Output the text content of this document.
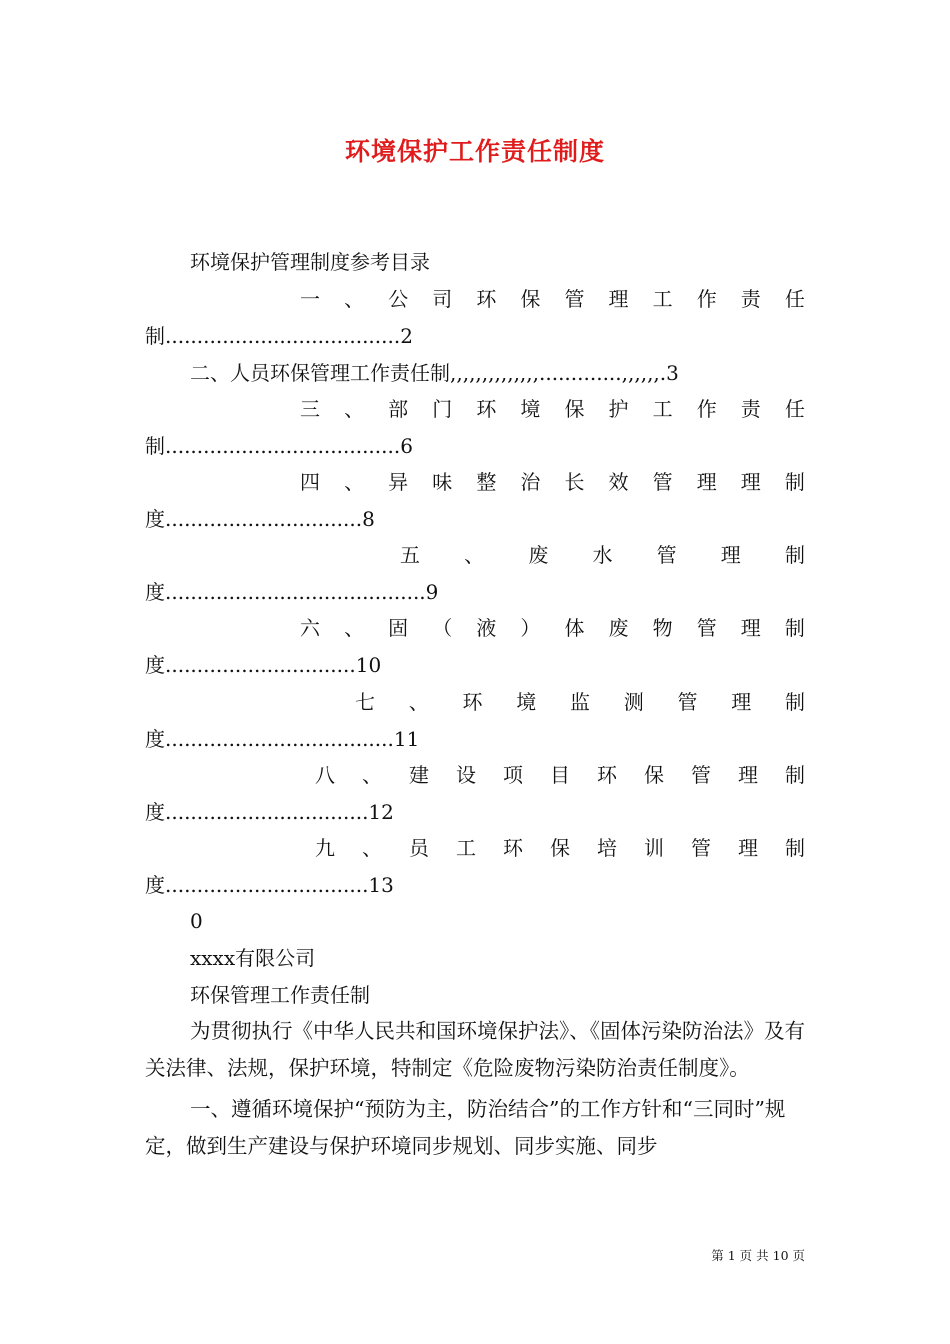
环境保护工作责任制度
环境保护管理制度参考目录
一 、 公 司 环 保 管 理 工 作 责 任
制.....................................2
二、人员环保管理工作责任制,,,,,,,,,,,,,,.............,,,,,,.3
三 、 部 门 环 境 保 护 工 作 责 任
制.....................................6
四 、 异 味 整 治 长 效 管 理 理 制
度...............................8
五 、 废 水 管 理 制
度.........................................9
六 、 固 （ 液 ） 体 废 物 管 理 制
度..............................10
七 、 环 境 监 测 管 理 制
度....................................11
八 、 建 设 项 目 环 保 管 理 制
度................................12
九 、 员 工 环 保 培 训 管 理 制
度................................13
0
xxxx有限公司
环保管理工作责任制

为贯彻执行《中华人民共和国环境保护法》、《固体污染防治法》及有关法律、法规，保护环境，特制定《危险废物污染防治责任制度》。

一、遵循环境保护“预防为主，防治结合”的工作方针和“三同时”规定，做到生产建设与保护环境同步规划、同步实施、同步

第 1 页 共 10 页
